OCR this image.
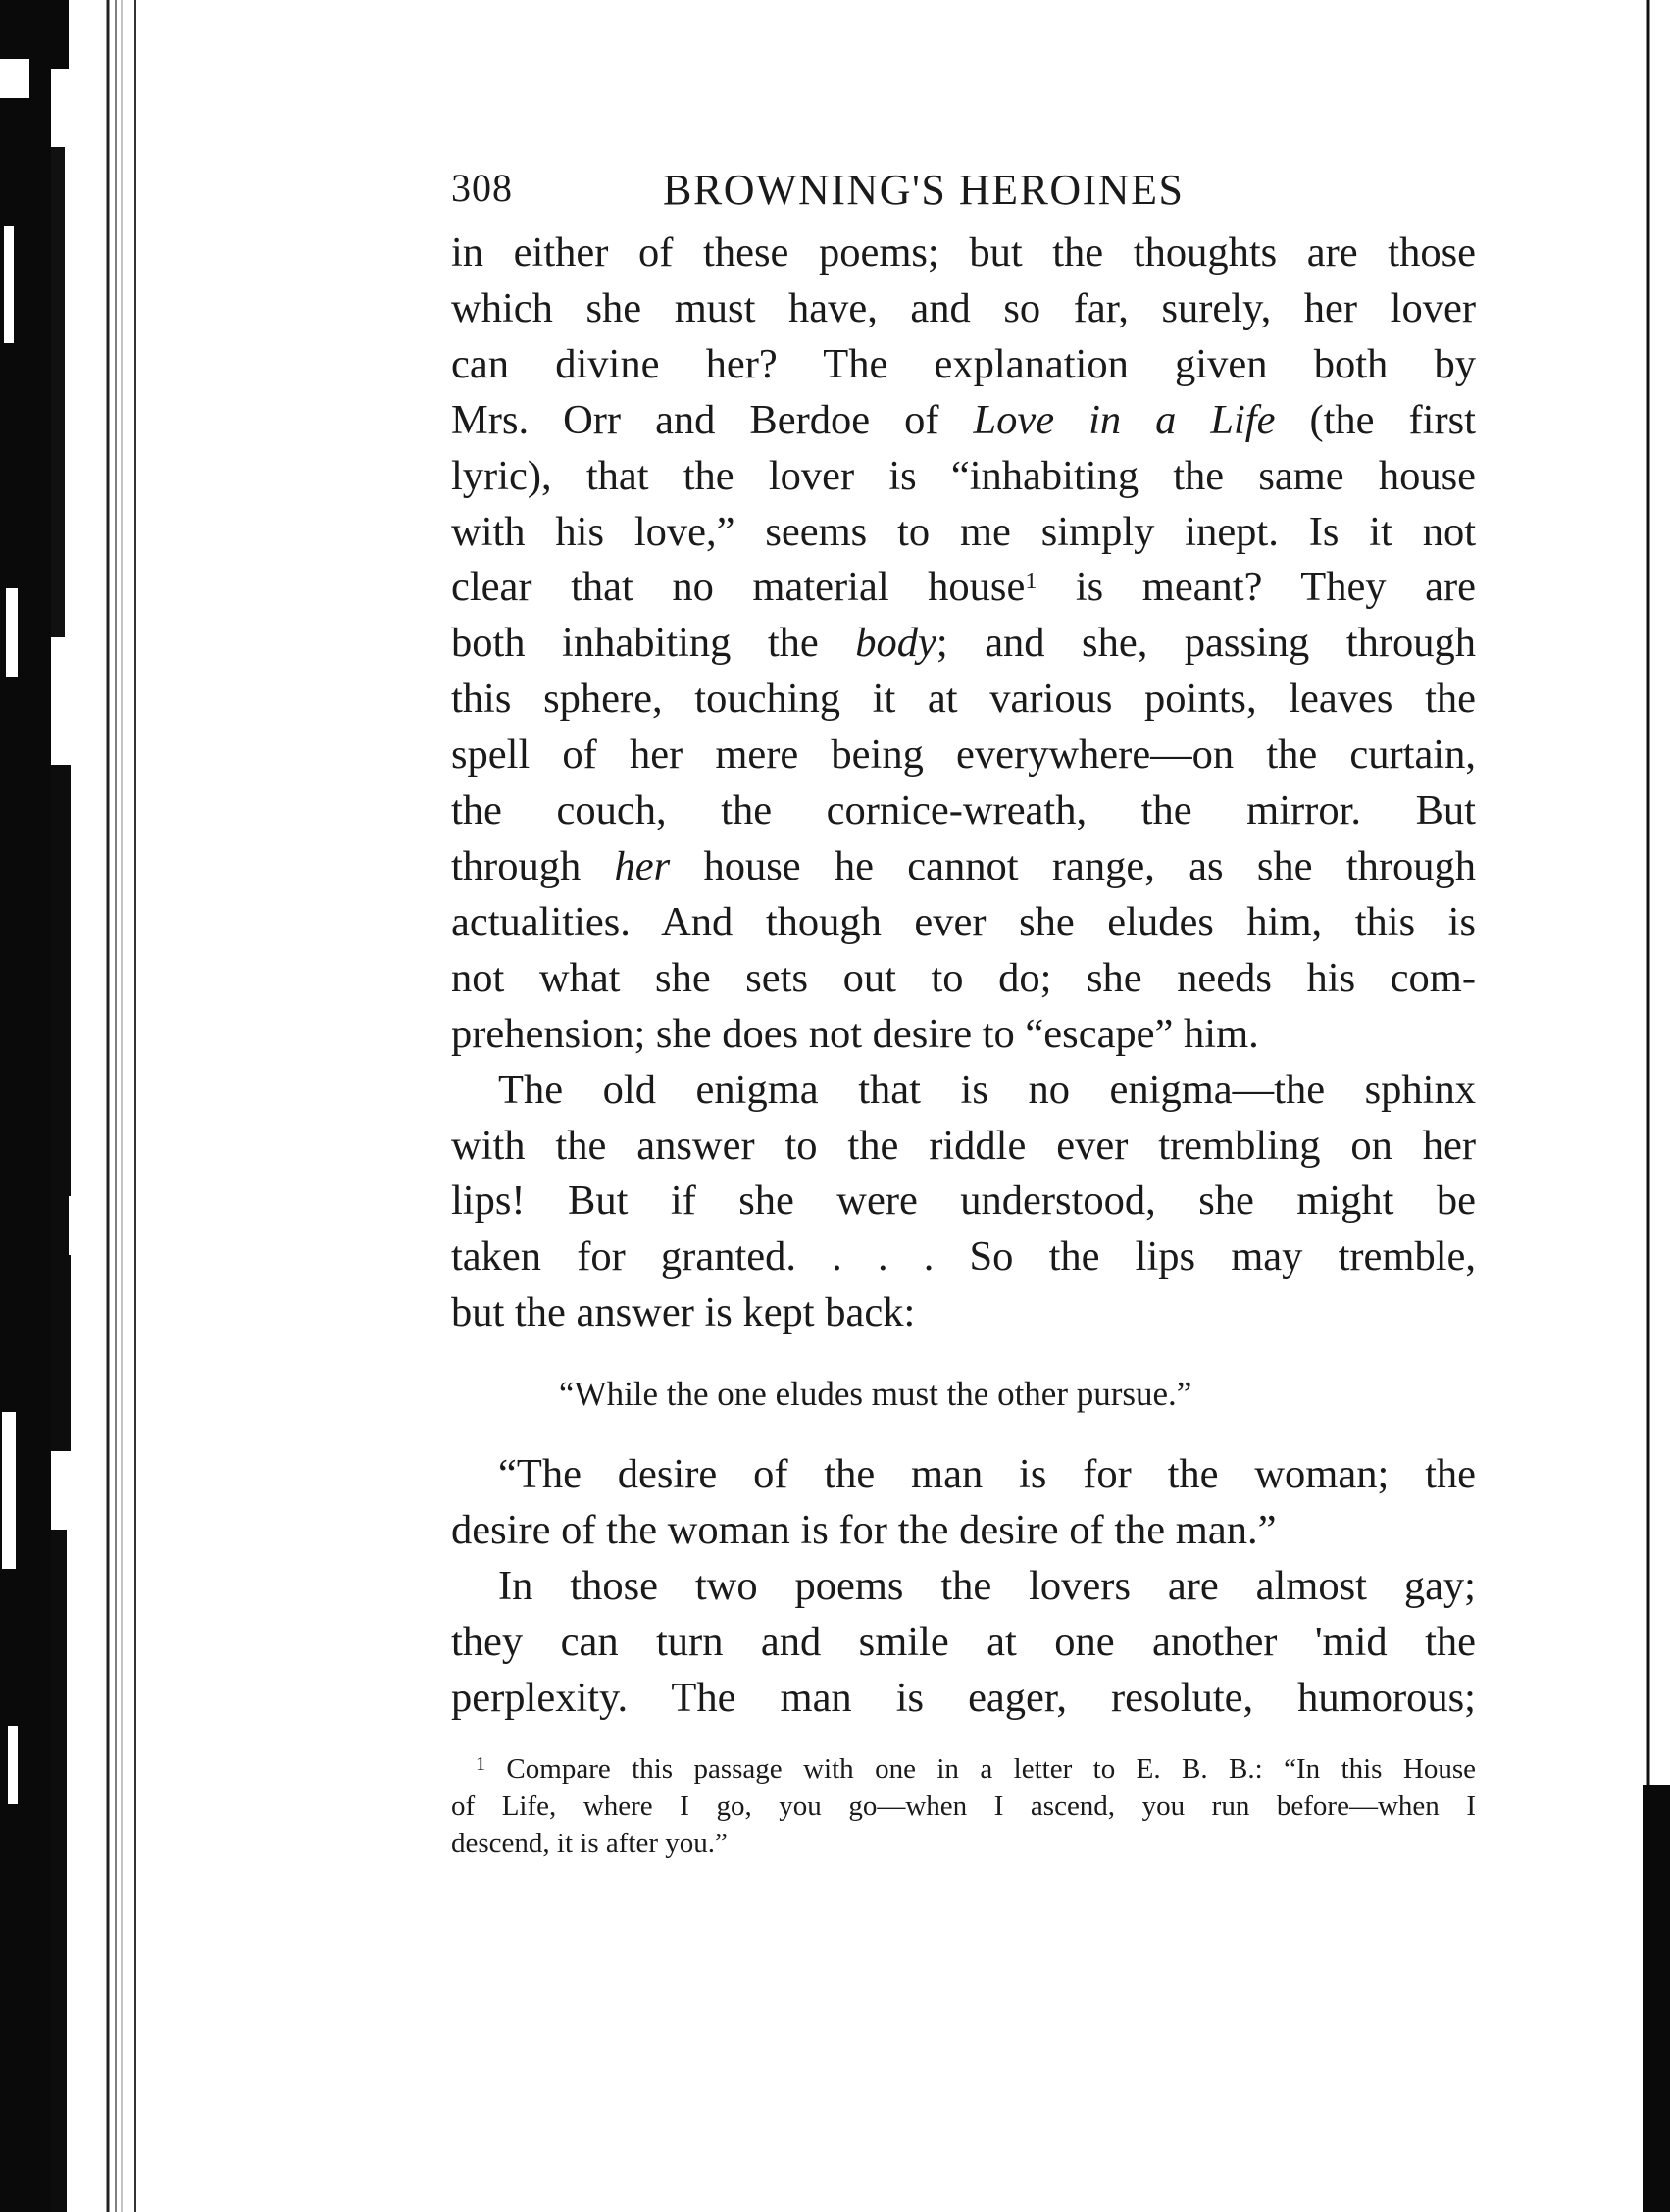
308	BROWNING'S HEROINES
in either of these poems; but the thoughts are those
which she must have, and so far, surely, her lover
can divine her? The explanation given both by
Mrs. Orr and Berdoe of Love in a Life (the first
lyric), that the lover is “inhabiting the same house
with his love,” seems to me simply inept. Is it not
clear that no material house$^1$ is meant? They are
both inhabiting the body; and she, passing through
this sphere, touching it at various points, leaves the
spell of her mere being everywhere—on the curtain,
the couch, the cornice-wreath, the mirror. But
through her house he cannot range, as she through
actualities. And though ever she eludes him, this is
not what she sets out to do; she needs his com-
prehension; she does not desire to “escape” him.
The old enigma that is no enigma—the sphinx
with the answer to the riddle ever trembling on her
lips! But if she were understood, she might be
taken for granted. . . . So the lips may tremble,
but the answer is kept back:
“While the one eludes must the other pursue.”
“The desire of the man is for the woman; the
desire of the woman is for the desire of the man.”
In those two poems the lovers are almost gay;
they can turn and smile at one another 'mid the
perplexity. The man is eager, resolute, humorous;
$^1$ Compare this passage with one in a letter to E. B. B.: “In this House
of Life, where I go, you go—when I ascend, you run before—when I
descend, it is after you.”
